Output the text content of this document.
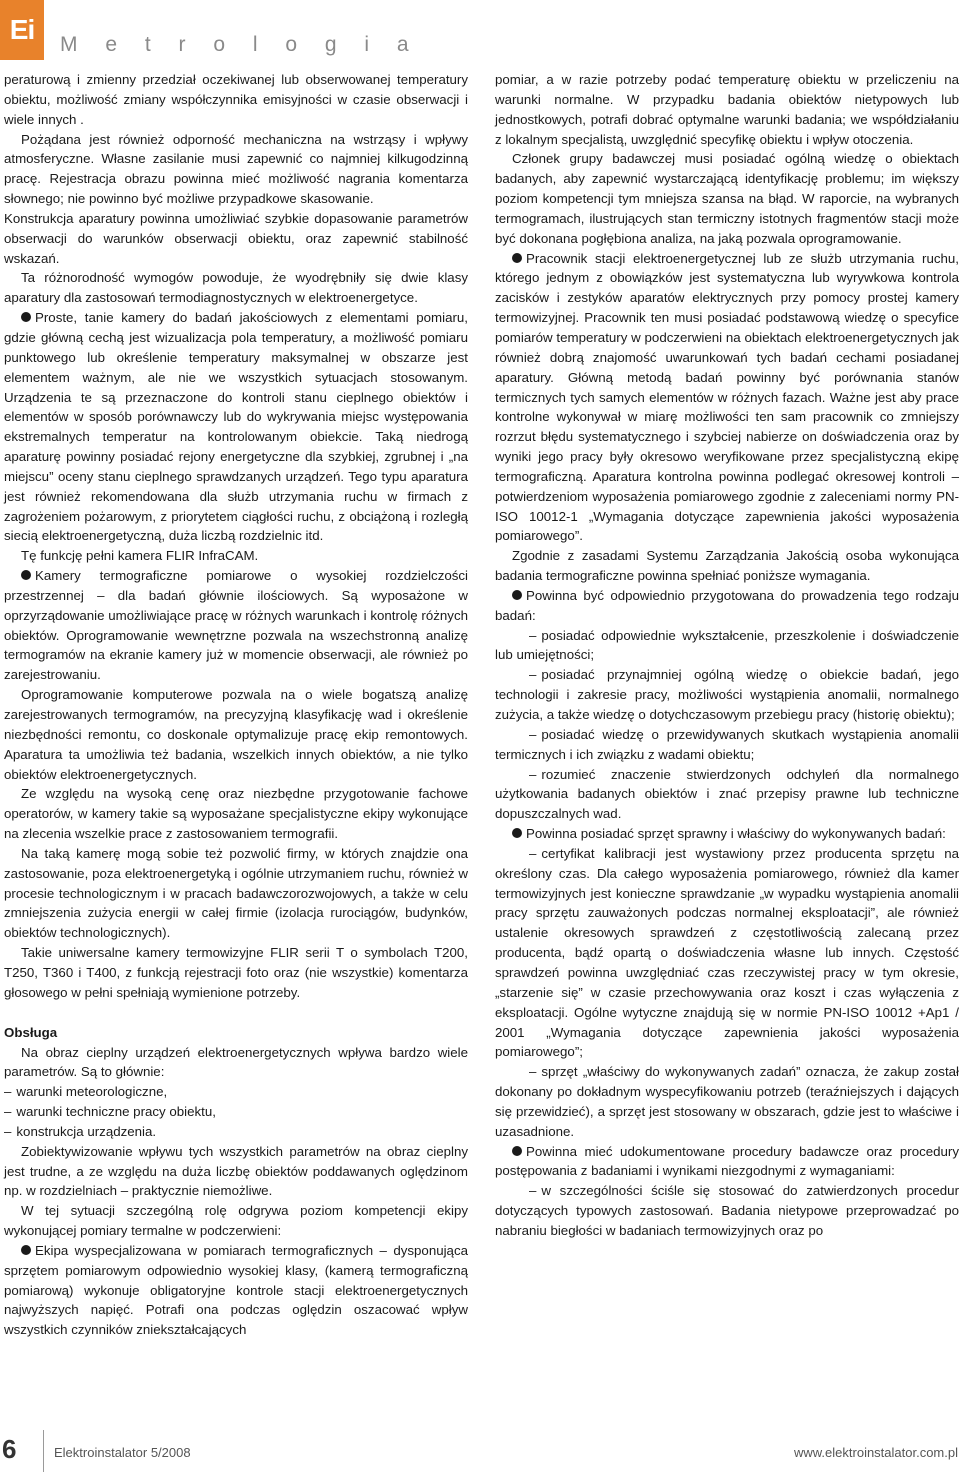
Ei	M e t r o l o g i a

peraturową i zmienny przedział oczekiwanej lub obserwowanej temperatury obiektu, możliwość zmiany współczynnika emisyjności w czasie obserwacji i wiele innych .

Pożądana jest również odporność mechaniczna na wstrząsy i wpływy atmosferyczne. Własne zasilanie musi zapewnić co najmniej kilkugodzinną pracę. Rejestracja obrazu powinna mieć możliwość nagrania komentarza słownego; nie powinno być możliwe przypadkowe skasowanie.

Konstrukcja aparatury powinna umożliwiać szybkie dopasowanie parametrów obserwacji do warunków obserwacji obiektu, oraz zapewnić stabilność wskazań.

Ta różnorodność wymogów powoduje, że wyodrębniły się dwie klasy aparatury dla zastosowań termodiagnostycznych w elektroenergetyce.

Proste, tanie kamery do badań jakościowych z elementami pomiaru, gdzie główną cechą jest wizualizacja pola temperatury, a możliwość pomiaru punktowego lub określenie temperatury maksymalnej w obszarze jest elementem ważnym, ale nie we wszystkich sytuacjach stosowanym. Urządzenia te są przeznaczone do kontroli stanu cieplnego obiektów i elementów w sposób porównawczy lub do wykrywania miejsc występowania ekstremalnych temperatur na kontrolowanym obiekcie. Taką niedrogą aparaturę powinny posiadać rejony energetyczne dla szybkiej, zgrubnej i „na miejscu” oceny stanu cieplnego sprawdzanych urządzeń. Tego typu aparatura jest również rekomendowana dla służb utrzymania ruchu w firmach z zagrożeniem pożarowym, z priorytetem ciągłości ruchu, z obciążoną i rozległą siecią elektroenergetyczną, duża liczbą rozdzielnic itd.

Tę funkcję pełni kamera FLIR InfraCAM.

Kamery termograficzne pomiarowe o wysokiej rozdzielczości przestrzennej – dla badań głównie ilościowych. Są wyposażone w oprzyrządowanie umożliwiające pracę w różnych warunkach i kontrolę różnych obiektów. Oprogramowanie wewnętrzne pozwala na wszechstronną analizę termogramów na ekranie kamery już w momencie obserwacji, ale również po zarejestrowaniu.

Oprogramowanie komputerowe pozwala na o wiele bogatszą analizę zarejestrowanych termogramów, na precyzyjną klasyfikację wad i określenie niezbędności remontu, co doskonale optymalizuje pracę ekip remontowych. Aparatura ta umożliwia też badania, wszelkich innych obiektów, a nie tylko obiektów elektroenergetycznych.

Ze względu na wysoką cenę oraz niezbędne przygotowanie fachowe operatorów, w kamery takie są wyposażane specjalistyczne ekipy wykonujące na zlecenia wszelkie prace z zastosowaniem termografii.

Na taką kamerę mogą sobie też pozwolić firmy, w których znajdzie ona zastosowanie, poza elektroenergetyką i ogólnie utrzymaniem ruchu, również w procesie technologicznym i w pracach badawczorozwojowych, a także w celu zmniejszenia zużycia energii w całej firmie (izolacja rurociągów, budynków, obiektów technologicznych).

Takie uniwersalne kamery termowizyjne FLIR serii T o symbolach T200, T250, T360 i T400, z funkcją rejestracji foto oraz (nie wszystkie) komentarza głosowego w pełni spełniają wymienione potrzeby.

Obsługa

Na obraz cieplny urządzeń elektroenergetycznych wpływa bardzo wiele parametrów. Są to głównie:

– warunki meteorologiczne,

– warunki techniczne pracy obiektu,

– konstrukcja urządzenia.

Zobiektywizowanie wpływu tych wszystkich parametrów na obraz cieplny jest trudne, a ze względu na duża liczbę obiektów poddawanych oględzinom np. w rozdzielniach – praktycznie niemożliwe.

W tej sytuacji szczególną rolę odgrywa poziom kompetencji ekipy wykonującej pomiary termalne w podczerwieni:

Ekipa wyspecjalizowana w pomiarach termograficznych – dysponująca sprzętem pomiarowym odpowiednio wysokiej klasy, (kamerą termograficzną pomiarową) wykonuje obligatoryjne kontrole stacji elektroenergetycznych najwyższych napięć. Potrafi ona podczas oględzin oszacować wpływ wszystkich czynników zniekształcających

pomiar, a w razie potrzeby podać temperaturę obiektu w przeliczeniu na warunki normalne. W przypadku badania obiektów nietypowych lub jednostkowych, potrafi dobrać optymalne warunki badania; we współdziałaniu z lokalnym specjalistą, uwzględnić specyfikę obiektu i wpływ otoczenia.

Członek grupy badawczej musi posiadać ogólną wiedzę o obiektach badanych, aby zapewnić wystarczającą identyfikację problemu; im większy poziom kompetencji tym mniejsza szansa na błąd. W raporcie, na wybranych termogramach, ilustrujących stan termiczny istotnych fragmentów stacji może być dokonana pogłębiona analiza, na jaką pozwala oprogramowanie.

Pracownik stacji elektroenergetycznej lub ze służb utrzymania ruchu, którego jednym z obowiązków jest systematyczna lub wyrywkowa kontrola zacisków i zestyków aparatów elektrycznych przy pomocy prostej kamery termowizyjnej. Pracownik ten musi posiadać podstawową wiedzę o specyfice pomiarów temperatury w podczerwieni na obiektach elektroenergetycznych jak również dobrą znajomość uwarunkowań tych badań cechami posiadanej aparatury. Główną metodą badań powinny być porównania stanów termicznych tych samych elementów w różnych fazach. Ważne jest aby prace kontrolne wykonywał w miarę możliwości ten sam pracownik co zmniejszy rozrzut błędu systematycznego i szybciej nabierze on doświadczenia oraz by wyniki jego pracy były okresowo weryfikowane przez specjalistyczną ekipę termograficzną. Aparatura kontrolna powinna podlegać okresowej kontroli – potwierdzeniom wyposażenia pomiarowego zgodnie z zaleceniami normy PN-ISO 10012-1 „Wymagania dotyczące zapewnienia jakości wyposażenia pomiarowego”.

Zgodnie z zasadami Systemu Zarządzania Jakością osoba wykonująca badania termograficzne powinna spełniać poniższe wymagania.

Powinna być odpowiednio przygotowana do prowadzenia tego rodzaju badań:

– posiadać odpowiednie wykształcenie, przeszkolenie i doświadczenie lub umiejętności;

– posiadać przynajmniej ogólną wiedzę o obiekcie badań, jego technologii i zakresie pracy, możliwości wystąpienia anomalii, normalnego zużycia, a także wiedzę o dotychczasowym przebiegu pracy (historię obiektu);

– posiadać wiedzę o przewidywanych skutkach wystąpienia anomalii termicznych i ich związku z wadami obiektu;

– rozumieć znaczenie stwierdzonych odchyleń dla normalnego użytkowania badanych obiektów i znać przepisy prawne lub techniczne dopuszczalnych wad.

Powinna posiadać sprzęt sprawny i właściwy do wykonywanych badań:

– certyfikat kalibracji jest wystawiony przez producenta sprzętu na określony czas. Dla całego wyposażenia pomiarowego, również dla kamer termowizyjnych jest konieczne sprawdzanie „w wypadku wystąpienia anomalii pracy sprzętu zauważonych podczas normalnej eksploatacji”, ale również ustalenie okresowych sprawdzeń z częstotliwością zalecaną przez producenta, bądź opartą o doświadczenia własne lub innych. Częstość sprawdzeń powinna uwzględniać czas rzeczywistej pracy w tym okresie, „starzenie się” w czasie przechowywania oraz koszt i czas wyłączenia z eksploatacji. Ogólne wytyczne znajdują się w normie PN-ISO 10012 +Ap1 / 2001 „Wymagania dotyczące zapewnienia jakości wyposażenia pomiarowego”;

– sprzęt „właściwy do wykonywanych zadań” oznacza, że zakup został dokonany po dokładnym wyspecyfikowaniu potrzeb (teraźniejszych i dających się przewidzieć), a sprzęt jest stosowany w obszarach, gdzie jest to właściwe i uzasadnione.

Powinna mieć udokumentowane procedury badawcze oraz procedury postępowania z badaniami i wynikami niezgodnymi z wymaganiami:

– w szczególności ściśle się stosować do zatwierdzonych procedur dotyczących typowych zastosowań. Badania nietypowe przeprowadzać po nabraniu biegłości w badaniach termowizyjnych oraz po

6	Elektroinstalator 5/2008	www.elektroinstalator.com.pl
